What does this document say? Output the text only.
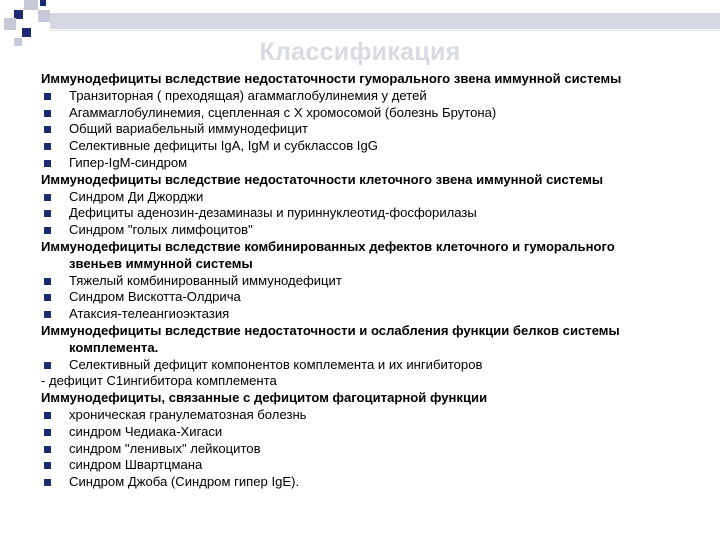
Классификация
Иммунодефициты вследствие недостаточности гуморального звена иммунной системы
Транзиторная ( преходящая) агаммаглобулинемия у детей
Агаммаглобулинемия, сцепленная с X хромосомой (болезнь Брутона)
Общий вариабельный иммунодефицит
Селективные дефициты IgA, IgM и субклассов IgG
Гипер-IgM-синдром
Иммунодефициты вследствие недостаточности клеточного звена иммунной системы
Синдром Ди Джорджи
Дефициты аденозин-дезаминазы и пуриннуклеотид-фосфорилазы
Синдром "голых лимфоцитов"
Иммунодефициты вследствие комбинированных дефектов клеточного и гуморального
звеньев иммунной системы
Тяжелый комбинированный иммунодефицит
Синдром Вискотта-Олдрича
Атаксия-телеангиоэктазия
Иммунодефициты вследствие недостаточности и ослабления функции белков системы
комплемента.
Селективный дефицит компонентов комплемента и их ингибиторов
- дефицит С1ингибитора комплемента
Иммунодефициты, связанные с дефицитом фагоцитарной функции
хроническая гранулематозная болезнь
синдром Чедиака-Хигаси
синдром "ленивых" лейкоцитов
синдром Швартцмана
Синдром Джоба (Синдром гипер IgE).
